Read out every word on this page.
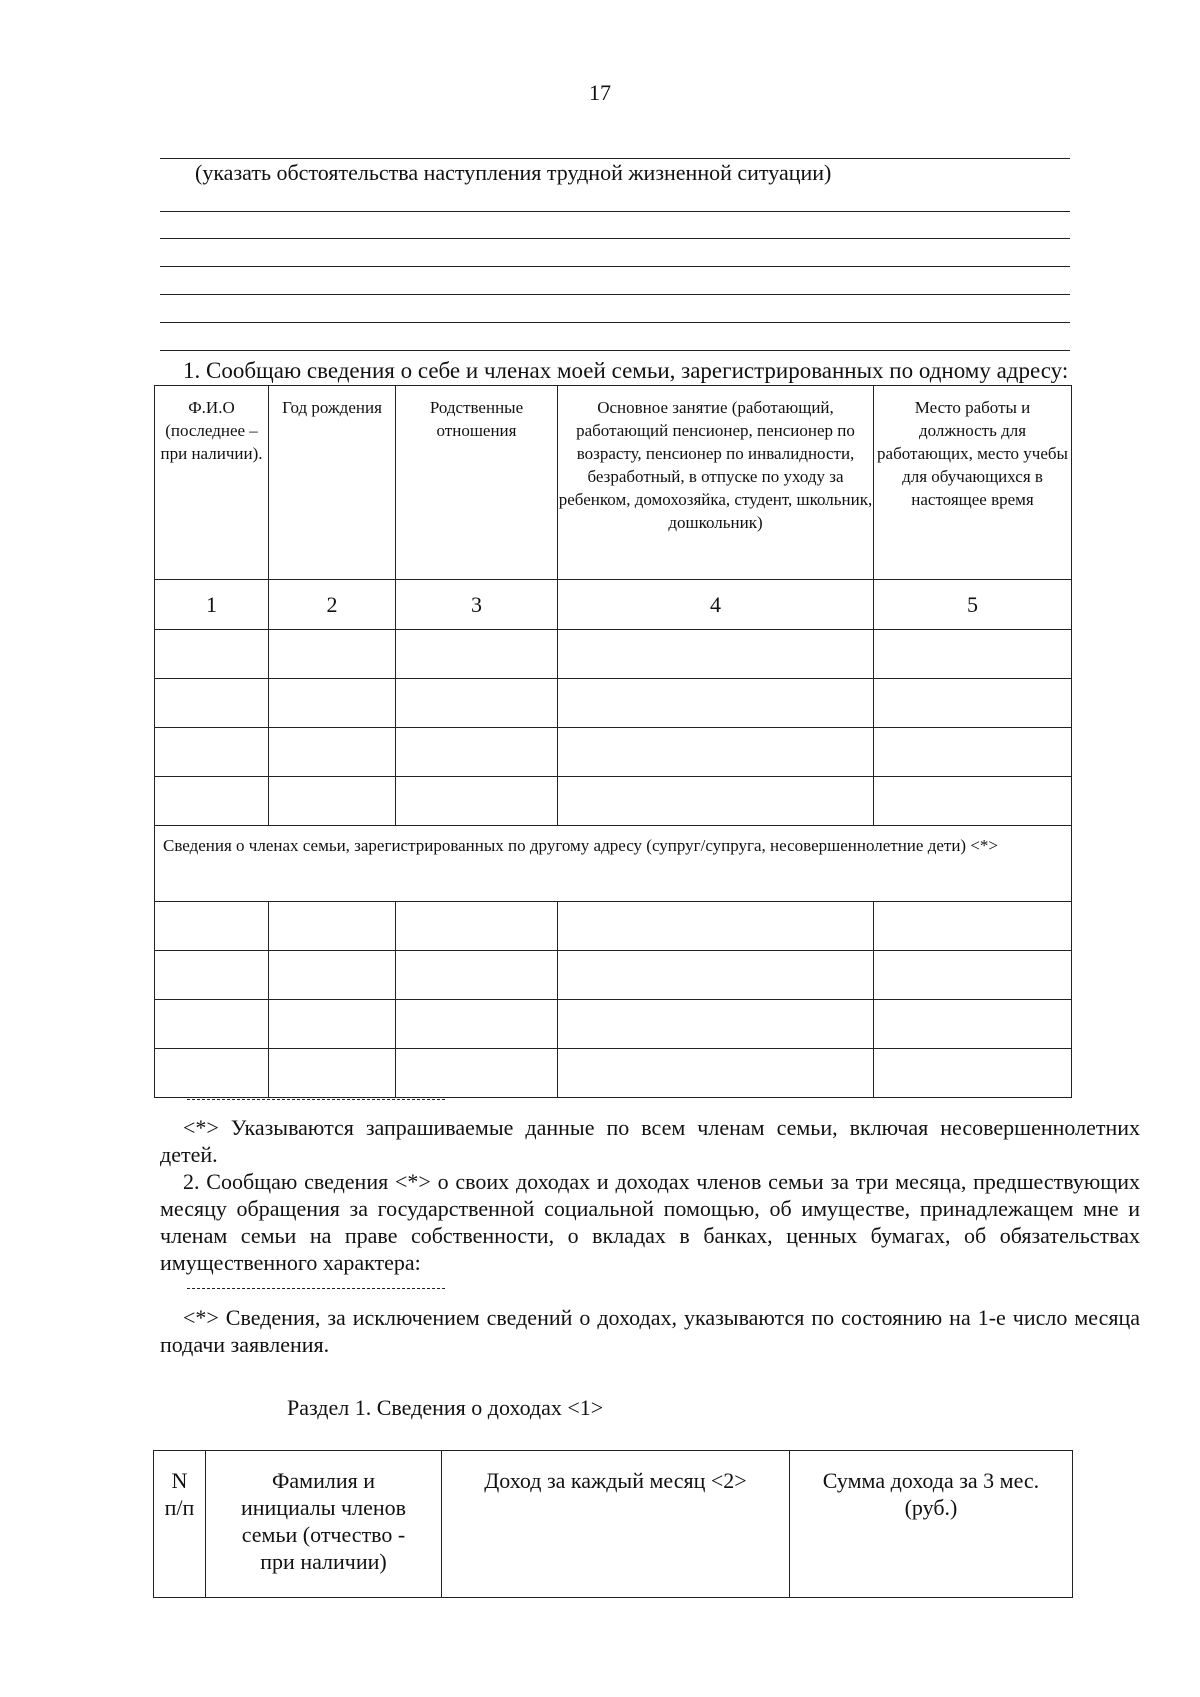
17
(указать обстоятельства наступления трудной жизненной ситуации)
1. Сообщаю сведения о себе и членах моей семьи, зарегистрированных по одному адресу:
Ф.И.О (последнее – при наличии).	Год рождения	Родственные отношения	Основное занятие (работающий, работающий пенсионер, пенсионер по возрасту, пенсионер по инвалидности, безработный, в отпуске по уходу за ребенком, домохозяйка, студент, школьник, дошкольник)	Место работы и должность для работающих, место учебы для обучающихся в настоящее время
1	2	3	4	5

Сведения о членах семьи, зарегистрированных по другому адресу (супруг/супруга, несовершеннолетние дети) <*>				

<*> Указываются запрашиваемые данные по всем членам семьи, включая несовершеннолетних детей.
2. Сообщаю сведения <*> о своих доходах и доходах членов семьи за три месяца, предшествующих месяцу обращения за государственной социальной помощью, об имуществе, принадлежащем мне и членам семьи на праве собственности, о вкладах в банках, ценных бумагах, об обязательствах имущественного характера:
<*> Сведения, за исключением сведений о доходах, указываются по состоянию на 1-е число месяца подачи заявления.
Раздел 1. Сведения о доходах <1>
N п/п	Фамилия и инициалы членов семьи (отчество - при наличии)	Доход за каждый месяц <2>	Сумма дохода за 3 мес. (руб.)
